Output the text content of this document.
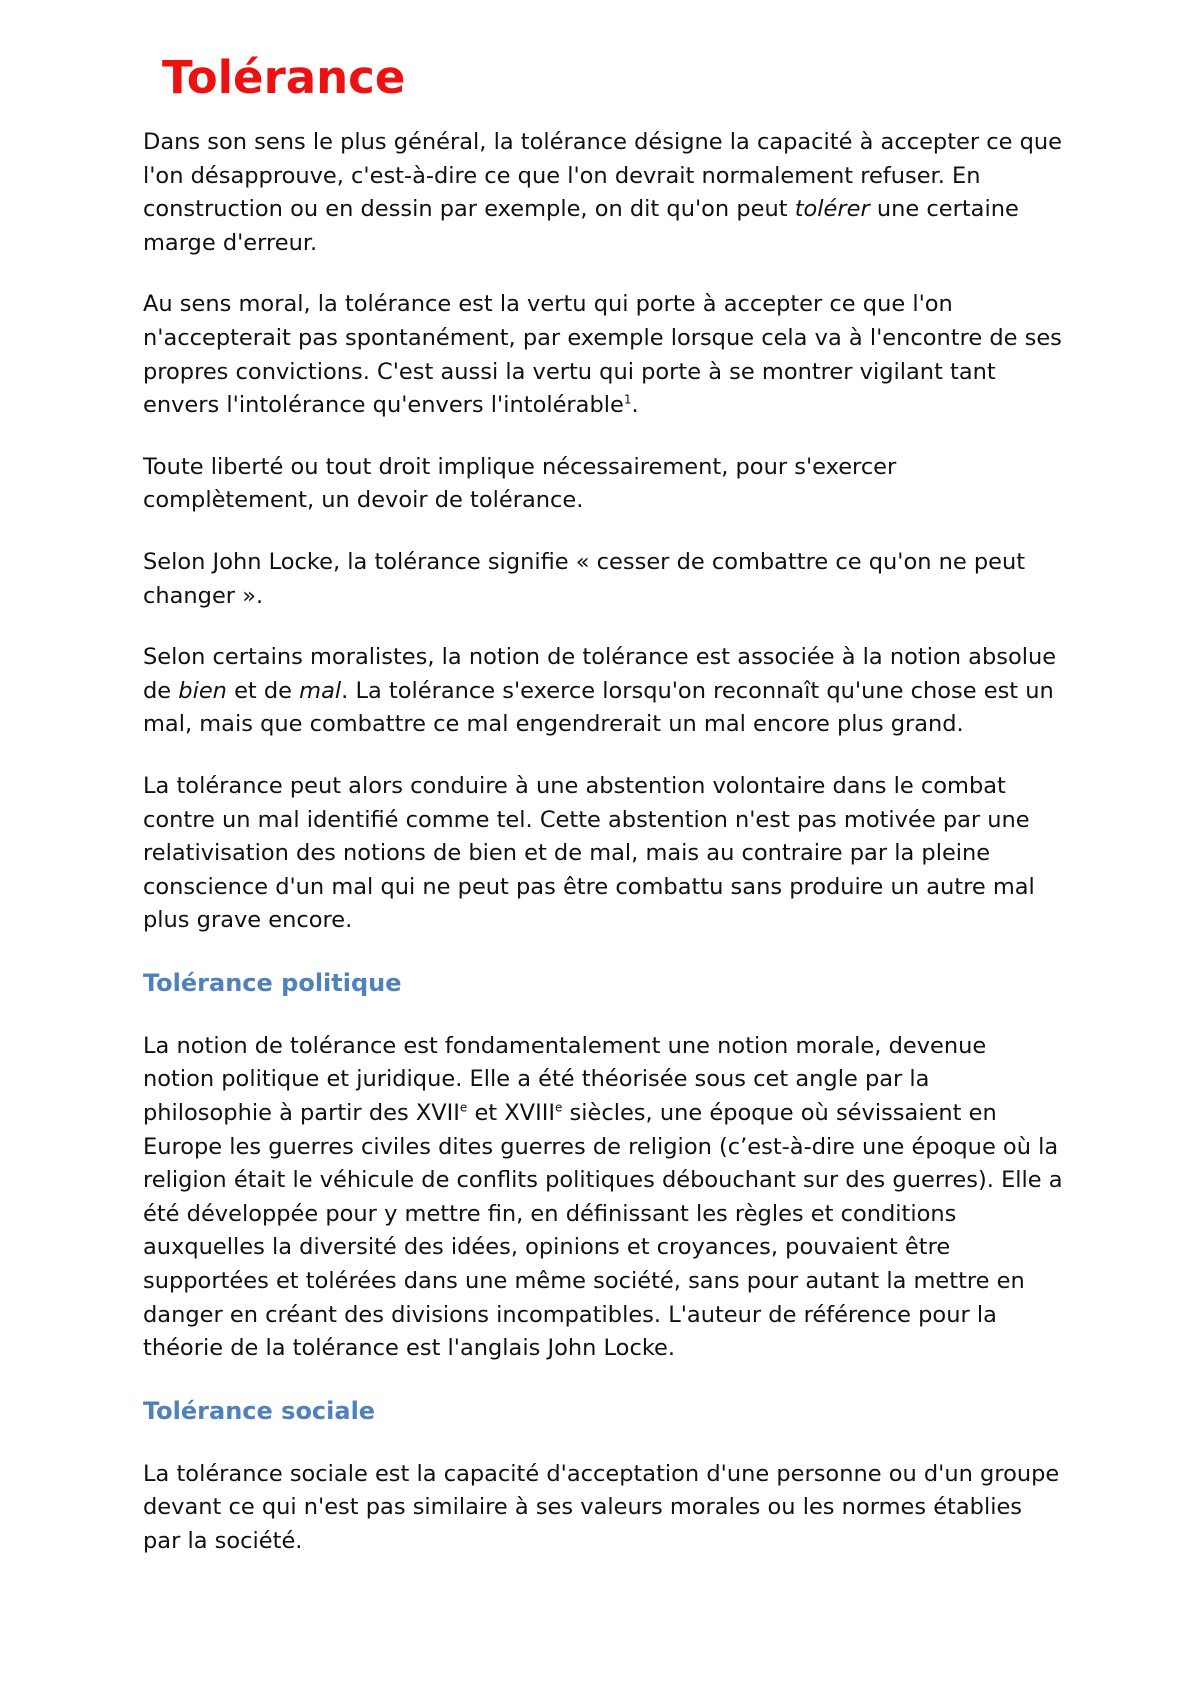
Tolérance

Dans son sens le plus général, la tolérance désigne la capacité à accepter ce que l'on désapprouve, c'est-à-dire ce que l'on devrait normalement refuser. En construction ou en dessin par exemple, on dit qu'on peut tolérer une certaine marge d'erreur.

Au sens moral, la tolérance est la vertu qui porte à accepter ce que l'on n'accepterait pas spontanément, par exemple lorsque cela va à l'encontre de ses propres convictions. C'est aussi la vertu qui porte à se montrer vigilant tant envers l'intolérance qu'envers l'intolérable$^1$.

Toute liberté ou tout droit implique nécessairement, pour s'exercer complètement, un devoir de tolérance.

Selon John Locke, la tolérance signifie « cesser de combattre ce qu'on ne peut changer ».

Selon certains moralistes, la notion de tolérance est associée à la notion absolue de bien et de mal. La tolérance s'exerce lorsqu'on reconnaît qu'une chose est un mal, mais que combattre ce mal engendrerait un mal encore plus grand.

La tolérance peut alors conduire à une abstention volontaire dans le combat contre un mal identifié comme tel. Cette abstention n'est pas motivée par une relativisation des notions de bien et de mal, mais au contraire par la pleine conscience d'un mal qui ne peut pas être combattu sans produire un autre mal plus grave encore.

Tolérance politique

La notion de tolérance est fondamentalement une notion morale, devenue notion politique et juridique. Elle a été théorisée sous cet angle par la philosophie à partir des XVIIe et XVIIIe siècles, une époque où sévissaient en Europe les guerres civiles dites guerres de religion (c’est-à-dire une époque où la religion était le véhicule de conflits politiques débouchant sur des guerres). Elle a été développée pour y mettre fin, en définissant les règles et conditions auxquelles la diversité des idées, opinions et croyances, pouvaient être supportées et tolérées dans une même société, sans pour autant la mettre en danger en créant des divisions incompatibles. L'auteur de référence pour la théorie de la tolérance est l'anglais John Locke.

Tolérance sociale

La tolérance sociale est la capacité d'acceptation d'une personne ou d'un groupe devant ce qui n'est pas similaire à ses valeurs morales ou les normes établies par la société.
